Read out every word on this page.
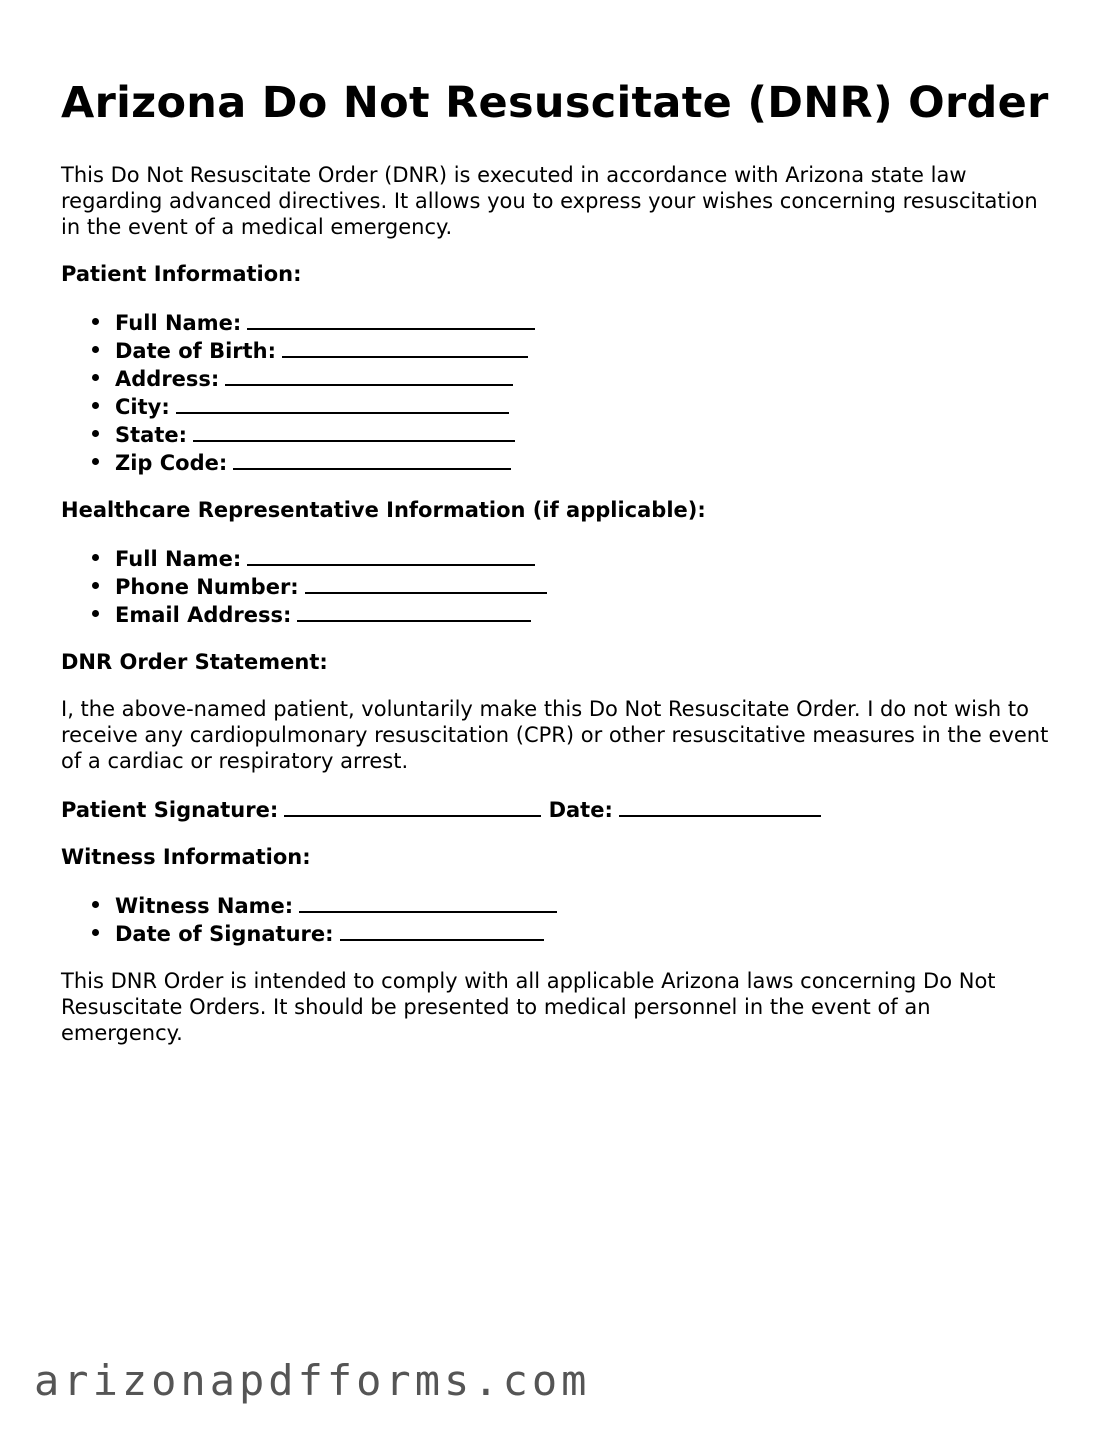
Arizona Do Not Resuscitate (DNR) Order

This Do Not Resuscitate Order (DNR) is executed in accordance with Arizona state law regarding advanced directives. It allows you to express your wishes concerning resuscitation in the event of a medical emergency.

Patient Information:

Full Name:
Date of Birth:
Address:
City:
State:
Zip Code:

Healthcare Representative Information (if applicable):

Full Name:
Phone Number:
Email Address:

DNR Order Statement:

I, the above-named patient, voluntarily make this Do Not Resuscitate Order. I do not wish to receive any cardiopulmonary resuscitation (CPR) or other resuscitative measures in the event of a cardiac or respiratory arrest.

Patient Signature:	Date:

Witness Information:

Witness Name:
Date of Signature:

This DNR Order is intended to comply with all applicable Arizona laws concerning Do Not Resuscitate Orders. It should be presented to medical personnel in the event of an emergency.

arizonapdfforms.com
